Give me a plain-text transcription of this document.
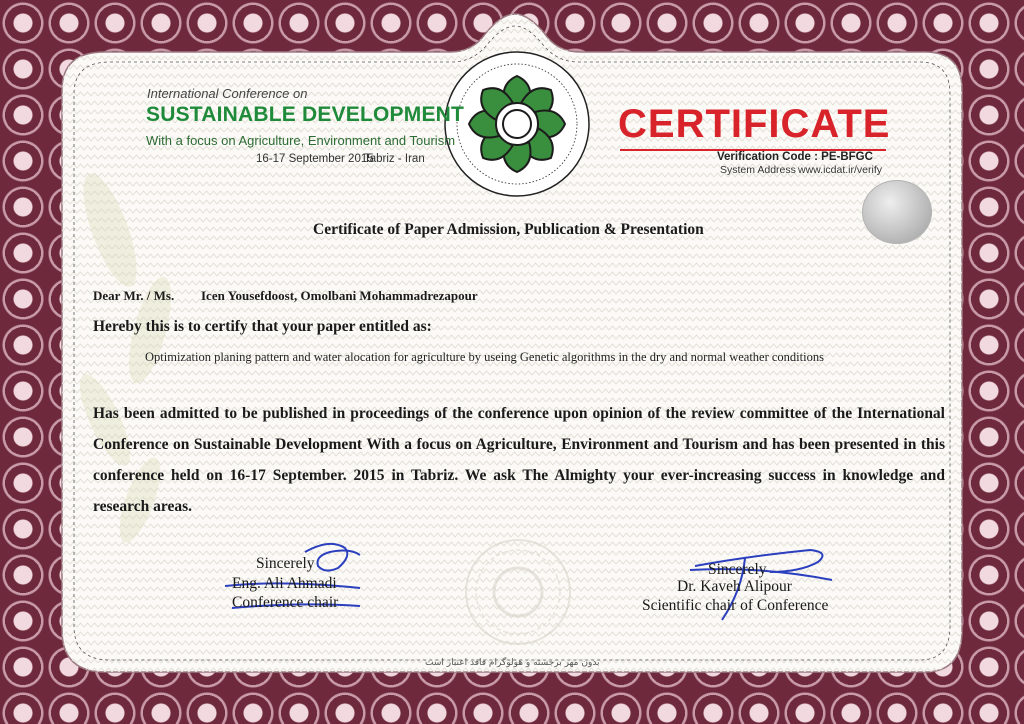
International Conference on
SUSTAINABLE DEVELOPMENT
With a focus on Agriculture, Environment and Tourism
16-17 September 2015
Tabriz - Iran
CERTIFICATE
Verification Code : PE-BFGC
System Address www.icdat.ir/verify
Certificate of Paper Admission, Publication & Presentation
Dear Mr. / Ms. Icen Yousefdoost, Omolbani Mohammadrezapour
Hereby this is to certify that your paper entitled as:
Optimization planing pattern and water alocation for agriculture by useing Genetic algorithms in the dry and normal weather conditions
Has been admitted to be published in proceedings of the conference upon opinion of the review committee of the International Conference on Sustainable Development With a focus on Agriculture, Environment and Tourism and has been presented in this conference held on 16-17 September. 2015 in Tabriz. We ask The Almighty your ever-increasing success in knowledge and research areas.
Sincerely
Eng. Ali Ahmadi
Conference chair
Sincerely
Dr. Kaveh Alipour
Scientific chair of Conference
بدون مهر برجسته و هولوگرام فاقد اعتبار است
